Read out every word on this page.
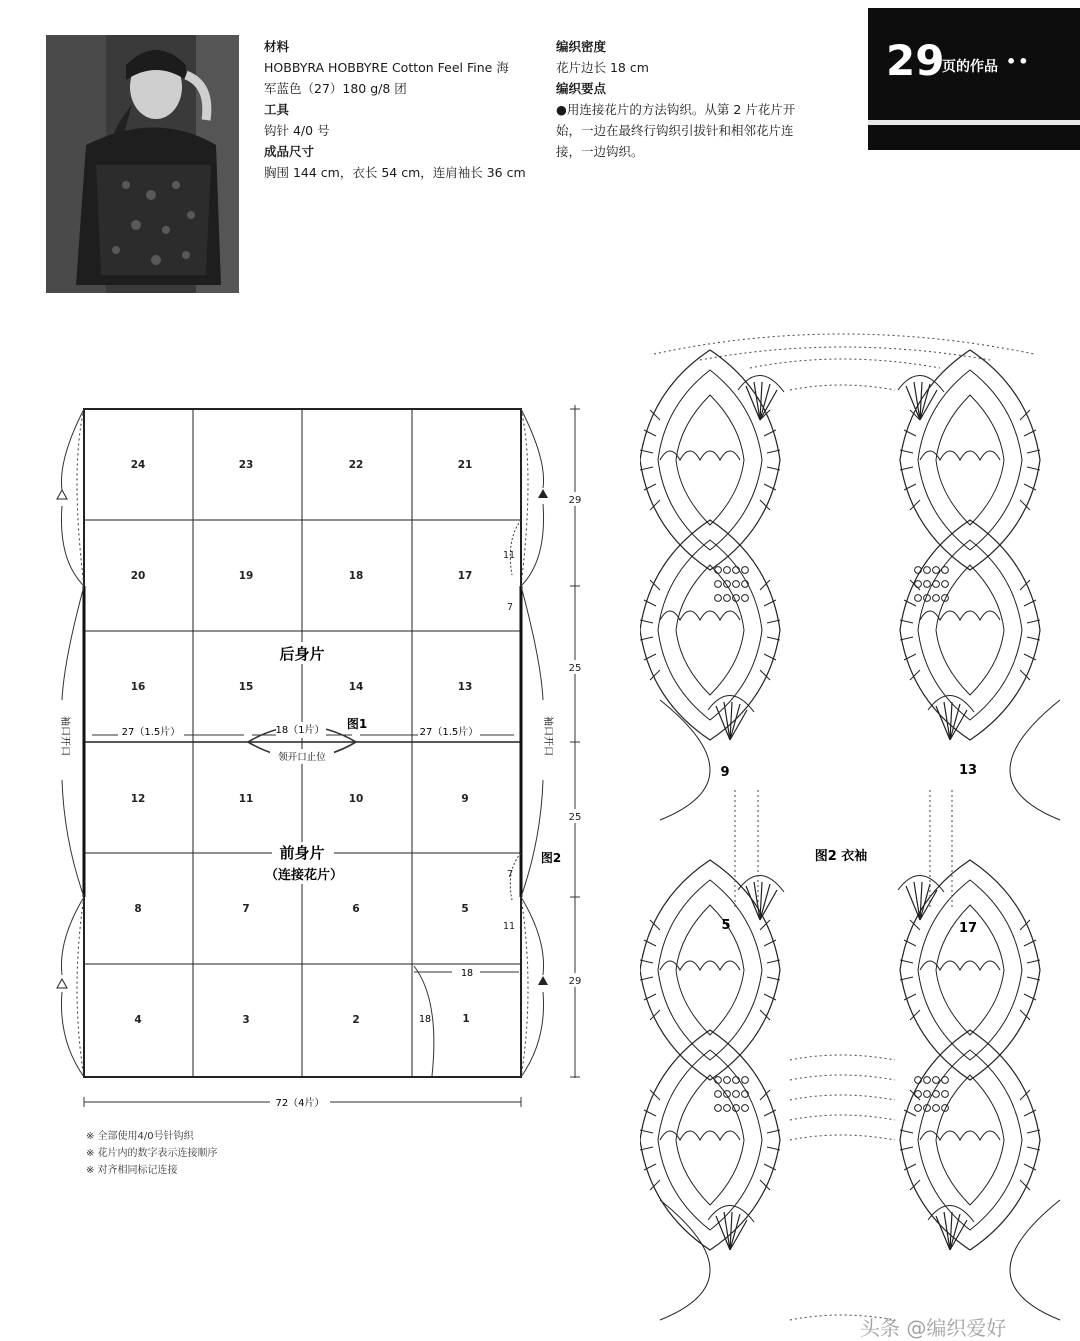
材料
HOBBYRA HOBBYRE Cotton Feel Fine 海
军蓝色（27）180 g/8 团
工具
钩针 4/0 号
成品尺寸
胸围 144 cm，衣长 54 cm，连肩袖长 36 cm
编织密度
花片边长 18 cm
编织要点
●用连接花片的方法钩织。从第 2 片花片开
始，一边在最终行钩织引拔针和相邻花片连
接，一边钩织。
29
页的作品 ••
24	23	22	21
20	19	18	17
16	15	14	13
12	11	10	9
8	7	6	5
4	3	2	1
后身片
前身片
（连接花片）
图1
图2
27（1.5片）	18（1片）	27（1.5片）
领开口止位
袖口开口	袖口开口
11
7
7
11
18
18
29
25
25
29
72（4片）
※ 全部使用4/0号针钩织
※ 花片内的数字表示连接顺序
※ 对齐相同标记连接
9	13
5	17
图2 衣袖
头条 @编织爱好
